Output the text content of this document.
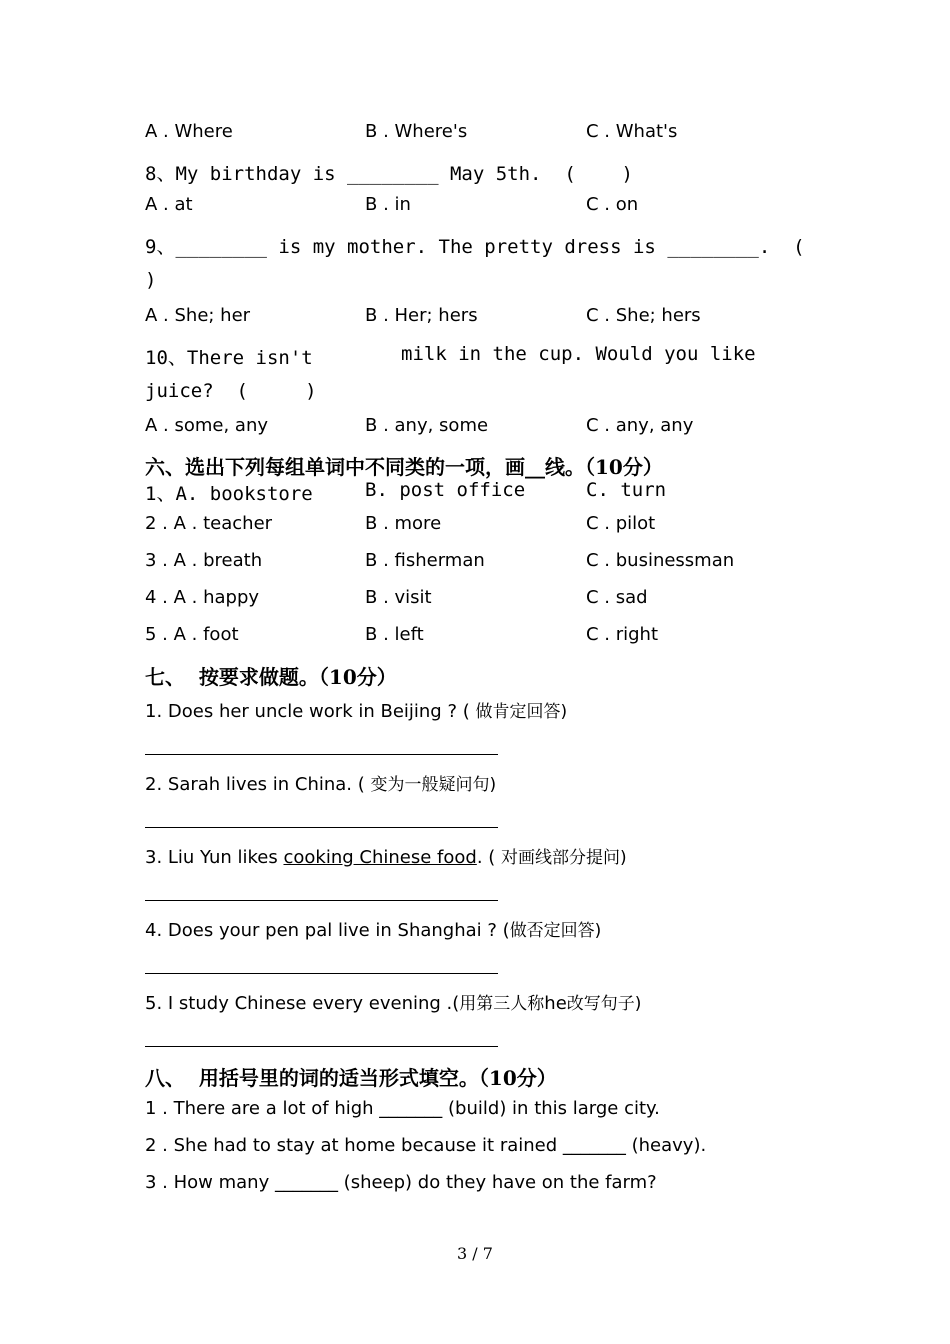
A . Where	B . Where's	C . What's
8、My birthday is ________ May 5th.  (    )
A . at	B . in	C . on
9、________ is my mother. The pretty dress is ________.  (
)
A . She; her	B . Her; hers	C . She; hers
10、There isn't	milk in the cup. Would you like
juice?  (     )
A . some, any	B . any, some	C . any, any
六、选出下列每组单词中不同类的一项，画__线。（10分）
1、A. bookstore	B. post office	C. turn
2 . A . teacher	B . more	C . pilot
3 . A . breath	B . fisherman	C . businessman
4 . A . happy	B . visit	C . sad
5 . A . foot	B . left	C . right
七、  按要求做题。（10分）
1. Does her uncle work in Beijing ? ( 做肯定回答)
2. Sarah lives in China. ( 变为一般疑问句)
3. Liu Yun likes cooking Chinese food. ( 对画线部分提问)
4. Does your pen pal live in Shanghai ? (做否定回答)
5. I study Chinese every evening .(用第三人称he改写句子)
八、  用括号里的词的适当形式填空。（10分）
1 . There are a lot of high _______ (build) in this large city.
2 . She had to stay at home because it rained _______ (heavy).
3 . How many _______ (sheep) do they have on the farm?
3 / 7
